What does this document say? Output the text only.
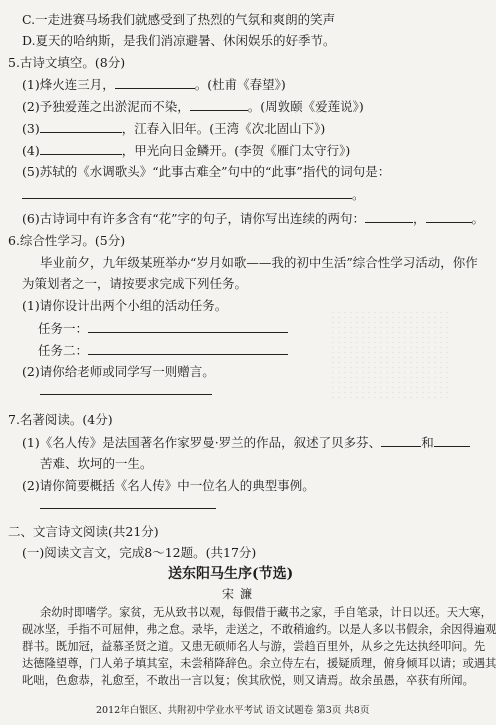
C.一走进赛马场我们就感受到了热烈的气氛和爽朗的笑声
D.夏天的哈纳斯，是我们消凉避暑、休闲娱乐的好季节。
5.古诗文填空。(8分)
(1)烽火连三月，	。(杜甫《春望》)
(2)予独爱莲之出淤泥而不染，	。(周敦颐《爱莲说》)
(3)	，江春入旧年。(王湾《次北固山下》)
(4)	，甲光向日金鳞开。(李贺《雁门太守行》)
(5)苏轼的《水调歌头》“此事古难全”句中的“此事”指代的词句是：
。
(6)古诗词中有许多含有“花”字的句子，请你写出连续的两句：	，	。
6.综合性学习。(5分)
毕业前夕，九年级某班举办“岁月如歌——我的初中生活”综合性学习活动，你作
为策划者之一，请按要求完成下列任务。
(1)请你设计出两个小组的活动任务。
任务一：
任务二：
(2)请你给老师或同学写一则赠言。
7.名著阅读。(4分)
(1)《名人传》是法国著名作家罗曼·罗兰的作品，叙述了贝多芬、	和
苦难、坎坷的一生。
(2)请你简要概括《名人传》中一位名人的典型事例。
二、文言诗文阅读(共21分)
(一)阅读文言文，完成8～12题。(共17分)
送东阳马生序(节选)
宋濂
余幼时即嗜学。家贫，无从致书以观，每假借于藏书之家，手自笔录，计日以还。天大寒，
砚冰坚，手指不可屈伸，弗之怠。录毕，走送之，不敢稍逾约。以是人多以书假余，余因得遍观
群书。既加冠，益慕圣贤之道。又患无硕师名人与游，尝趋百里外，从乡之先达执经叩问。先
达德隆望尊，门人弟子填其室，未尝稍降辞色。余立侍左右，援疑质理，俯身倾耳以请；或遇其
叱咄，色愈恭，礼愈至，不敢出一言以复；俟其欣悦，则又请焉。故余虽愚，卒获有所闻。
2012年白银区、共附初中学业水平考试 语文试题卷 第3页 共8页
